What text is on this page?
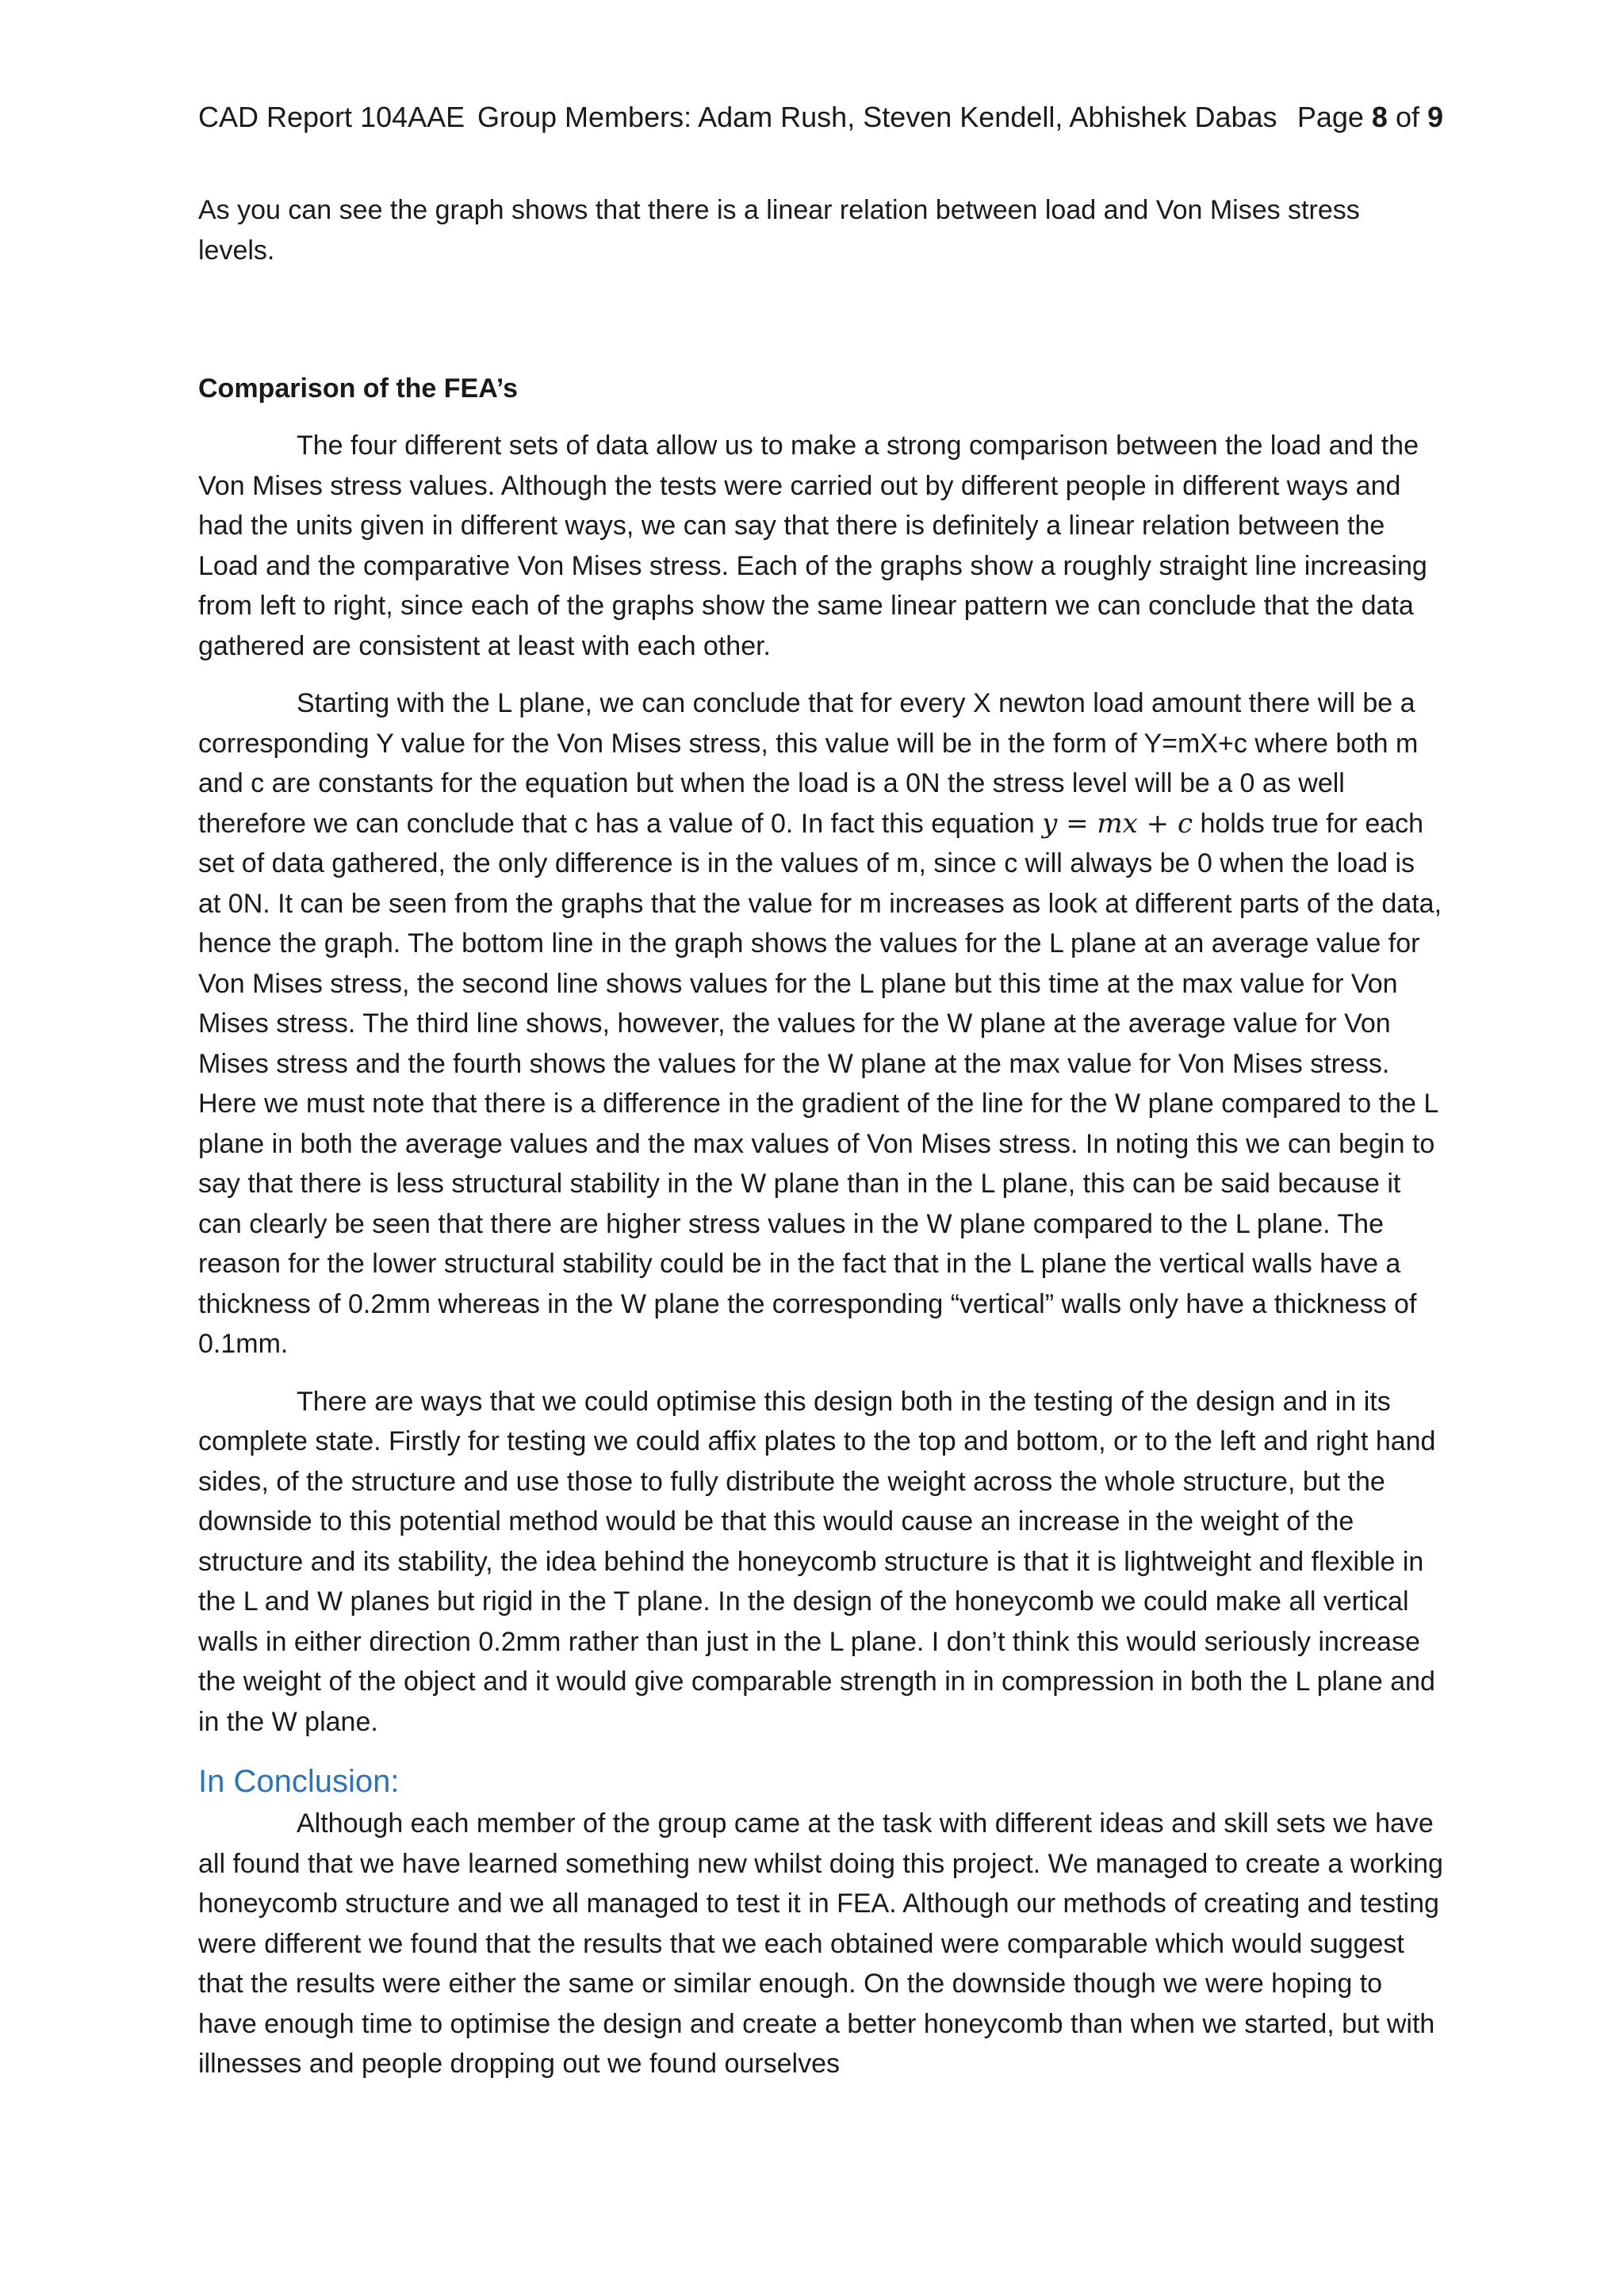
CAD Report 104AAE Group Members: Adam Rush, Steven Kendell, Abhishek Dabas Page 8 of 9

As you can see the graph shows that there is a linear relation between load and Von Mises stress levels.

Comparison of the FEA’s

The four different sets of data allow us to make a strong comparison between the load and the Von Mises stress values. Although the tests were carried out by different people in different ways and had the units given in different ways, we can say that there is definitely a linear relation between the Load and the comparative Von Mises stress. Each of the graphs show a roughly straight line increasing from left to right, since each of the graphs show the same linear pattern we can conclude that the data gathered are consistent at least with each other.

Starting with the L plane, we can conclude that for every X newton load amount there will be a corresponding Y value for the Von Mises stress, this value will be in the form of Y=mX+c where both m and c are constants for the equation but when the load is a 0N the stress level will be a 0 as well therefore we can conclude that c has a value of 0. In fact this equation y = mx + c holds true for each set of data gathered, the only difference is in the values of m, since c will always be 0 when the load is at 0N. It can be seen from the graphs that the value for m increases as look at different parts of the data, hence the graph. The bottom line in the graph shows the values for the L plane at an average value for Von Mises stress, the second line shows values for the L plane but this time at the max value for Von Mises stress. The third line shows, however, the values for the W plane at the average value for Von Mises stress and the fourth shows the values for the W plane at the max value for Von Mises stress. Here we must note that there is a difference in the gradient of the line for the W plane compared to the L plane in both the average values and the max values of Von Mises stress. In noting this we can begin to say that there is less structural stability in the W plane than in the L plane, this can be said because it can clearly be seen that there are higher stress values in the W plane compared to the L plane. The reason for the lower structural stability could be in the fact that in the L plane the vertical walls have a thickness of 0.2mm whereas in the W plane the corresponding “vertical” walls only have a thickness of 0.1mm.

There are ways that we could optimise this design both in the testing of the design and in its complete state. Firstly for testing we could affix plates to the top and bottom, or to the left and right hand sides, of the structure and use those to fully distribute the weight across the whole structure, but the downside to this potential method would be that this would cause an increase in the weight of the structure and its stability, the idea behind the honeycomb structure is that it is lightweight and flexible in the L and W planes but rigid in the T plane. In the design of the honeycomb we could make all vertical walls in either direction 0.2mm rather than just in the L plane. I don’t think this would seriously increase the weight of the object and it would give comparable strength in in compression in both the L plane and in the W plane.

In Conclusion:

Although each member of the group came at the task with different ideas and skill sets we have all found that we have learned something new whilst doing this project. We managed to create a working honeycomb structure and we all managed to test it in FEA. Although our methods of creating and testing were different we found that the results that we each obtained were comparable which would suggest that the results were either the same or similar enough. On the downside though we were hoping to have enough time to optimise the design and create a better honeycomb than when we started, but with illnesses and people dropping out we found ourselves
